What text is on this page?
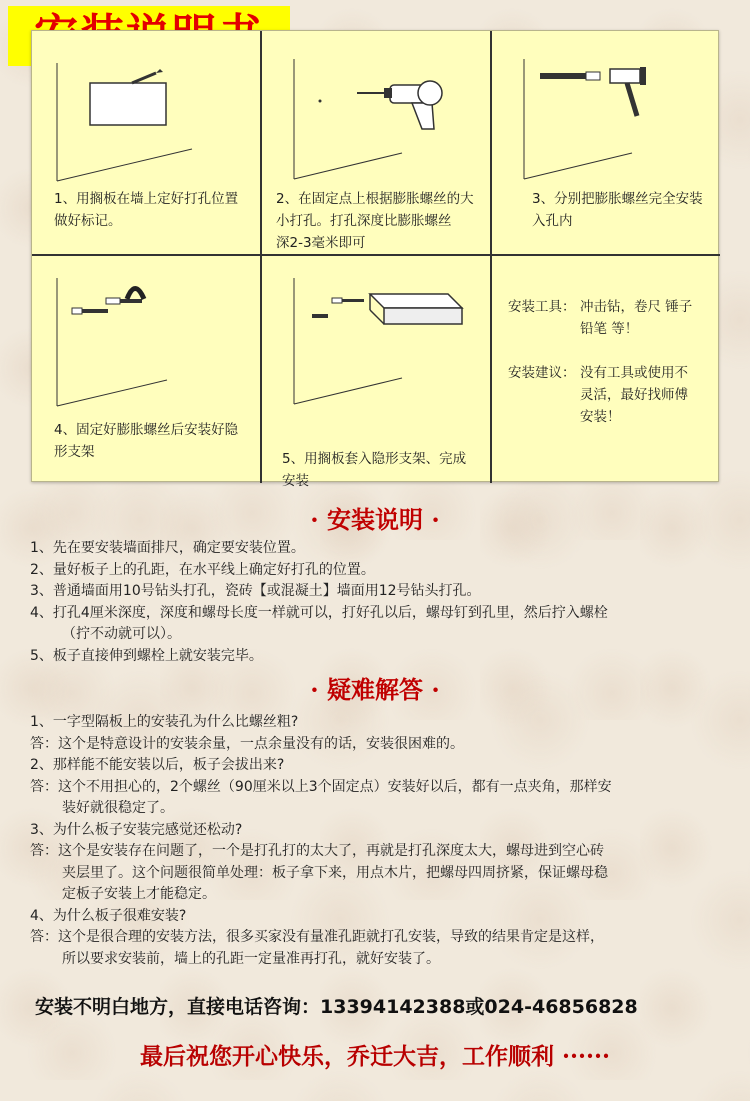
1、用搁板在墙上定好打孔位置
做好标记。
2、在固定点上根据膨胀螺丝的大
小打孔。打孔深度比膨胀螺丝
深2-3毫米即可
3、分别把膨胀螺丝完全安装
入孔内
4、固定好膨胀螺丝后安装好隐
形支架	5、用搁板套入隐形支架、完成
安装
安装工具： 冲击钻，卷尺 锤子
铅笔 等！
安装建议： 没有工具或使用不
灵活，最好找师傅
安装！
· 安装说明 ·
1、先在要安装墙面排尺，确定要安装位置。
2、量好板子上的孔距，在水平线上确定好打孔的位置。
3、普通墙面用10号钻头打孔，瓷砖【或混凝土】墙面用12号钻头打孔。
4、打孔4厘米深度，深度和螺母长度一样就可以，打好孔以后，螺母钉到孔里，然后拧入螺栓
（拧不动就可以）。
5、板子直接伸到螺栓上就安装完毕。
· 疑难解答 ·
1、一字型隔板上的安装孔为什么比螺丝粗?
答：这个是特意设计的安装余量，一点余量没有的话，安装很困难的。
2、那样能不能安装以后，板子会拔出来?
答：这个不用担心的，2个螺丝（90厘米以上3个固定点）安装好以后，都有一点夹角，那样安
装好就很稳定了。
3、为什么板子安装完感觉还松动?
答：这个是安装存在问题了，一个是打孔打的太大了，再就是打孔深度太大，螺母进到空心砖
夹层里了。这个问题很简单处理：板子拿下来，用点木片，把螺母四周挤紧，保证螺母稳
定板子安装上才能稳定。
4、为什么板子很难安装?
答：这个是很合理的安装方法，很多买家没有量准孔距就打孔安装，导致的结果肯定是这样，
所以要求安装前，墙上的孔距一定量准再打孔，就好安装了。
安装不明白地方，直接电话咨询：13394142388或024-46856828
最后祝您开心快乐，乔迁大吉，工作顺利 ······
